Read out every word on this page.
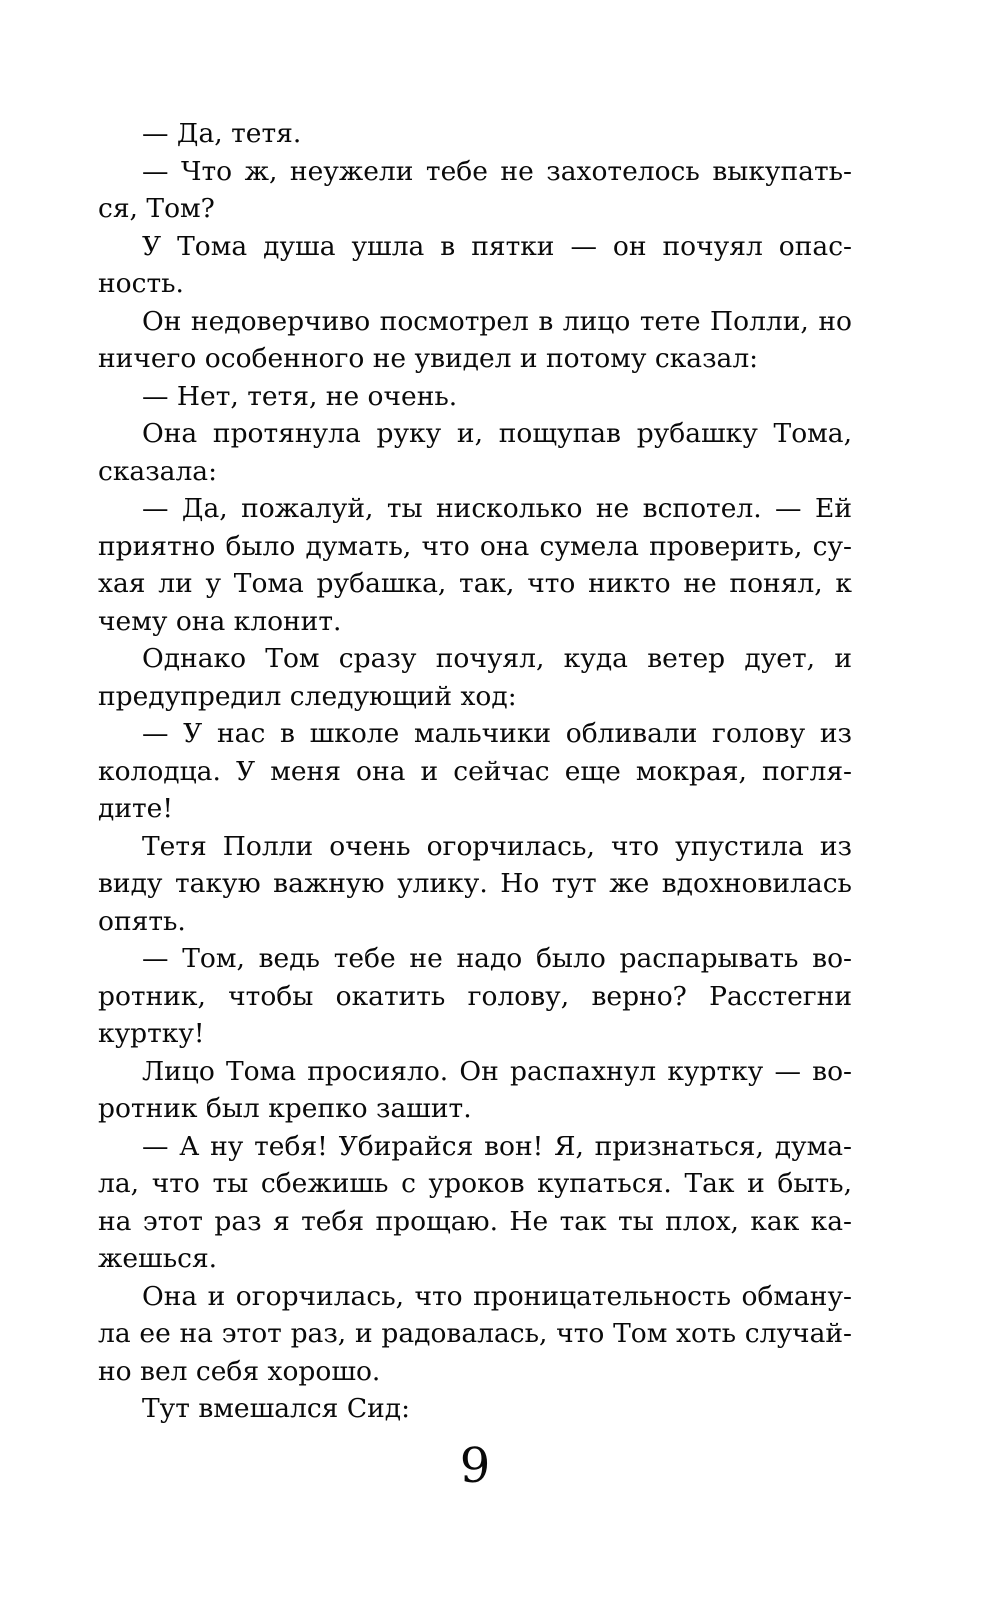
— Да, тетя.
— Что ж, неужели тебе не захотелось выкупать-
ся, Том?
У Тома душа ушла в пятки — он почуял опас-
ность.
Он недоверчиво посмотрел в лицо тете Полли, но
ничего особенного не увидел и потому сказал:
— Нет, тетя, не очень.
Она протянула руку и, пощупав рубашку Тома,
сказала:
— Да, пожалуй, ты нисколько не вспотел. — Ей
приятно было думать, что она сумела проверить, су-
хая ли у Тома рубашка, так, что никто не понял, к
чему она клонит.
Однако Том сразу почуял, куда ветер дует, и
предупредил следующий ход:
— У нас в школе мальчики обливали голову из
колодца. У меня она и сейчас еще мокрая, погля-
дите!
Тетя Полли очень огорчилась, что упустила из
виду такую важную улику. Но тут же вдохновилась
опять.
— Том, ведь тебе не надо было распарывать во-
ротник, чтобы окатить голову, верно? Расстегни
куртку!
Лицо Тома просияло. Он распахнул куртку — во-
ротник был крепко зашит.
— А ну тебя! Убирайся вон! Я, признаться, дума-
ла, что ты сбежишь с уроков купаться. Так и быть,
на этот раз я тебя прощаю. Не так ты плох, как ка-
жешься.
Она и огорчилась, что проницательность обману-
ла ее на этот раз, и радовалась, что Том хоть случай-
но вел себя хорошо.
Тут вмешался Сид:
9
